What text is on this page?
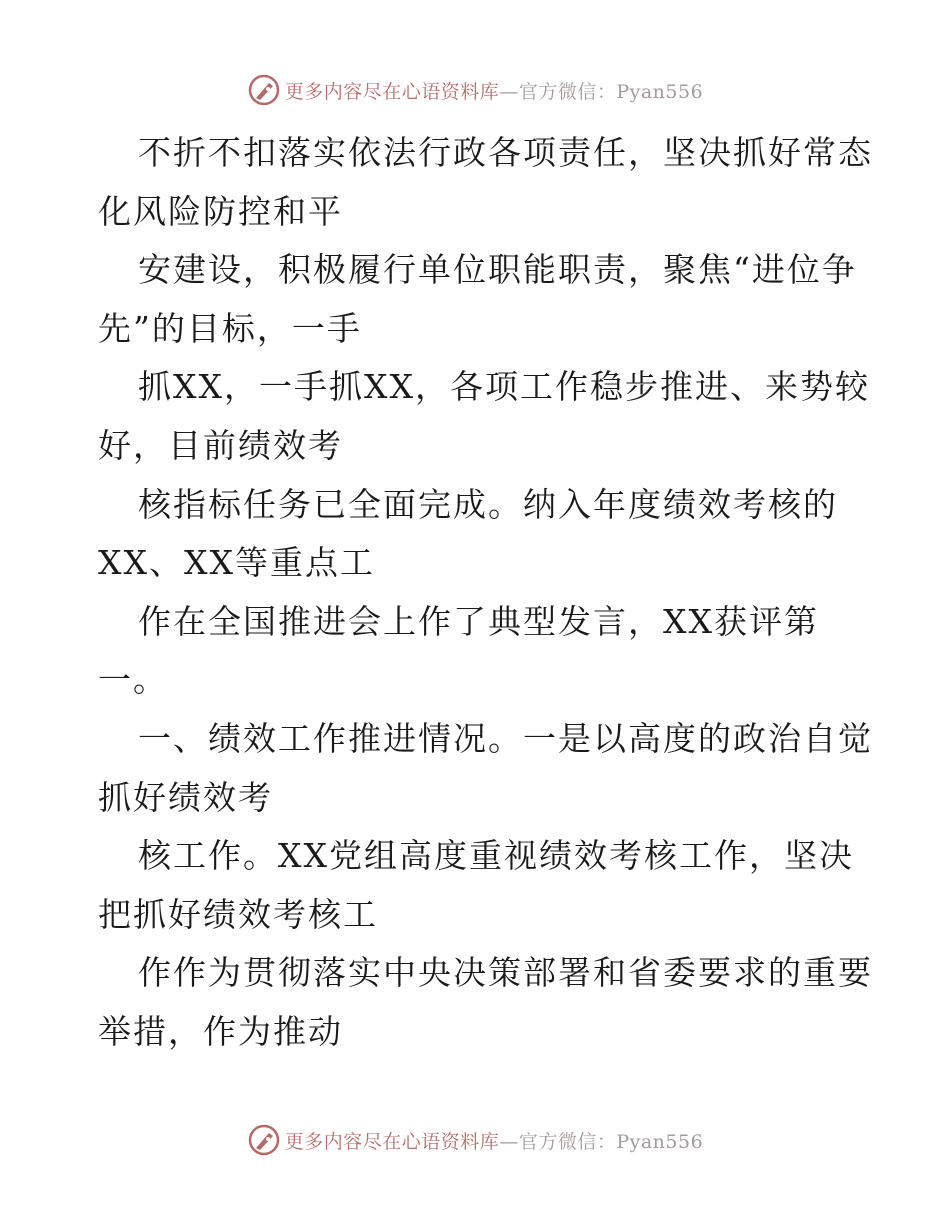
更多内容尽在心语资料库—官方微信：Pyan556
不折不扣落实依法行政各项责任，坚决抓好常态
化风险防控和平
安建设，积极履行单位职能职责，聚焦“进位争
先”的目标，一手
抓XX，一手抓XX，各项工作稳步推进、来势较
好，目前绩效考
核指标任务已全面完成。纳入年度绩效考核的
XX、XX等重点工
作在全国推进会上作了典型发言，XX获评第
一。
一、绩效工作推进情况。一是以高度的政治自觉
抓好绩效考
核工作。XX党组高度重视绩效考核工作，坚决
把抓好绩效考核工
作作为贯彻落实中央决策部署和省委要求的重要
举措，作为推动
更多内容尽在心语资料库—官方微信：Pyan556
